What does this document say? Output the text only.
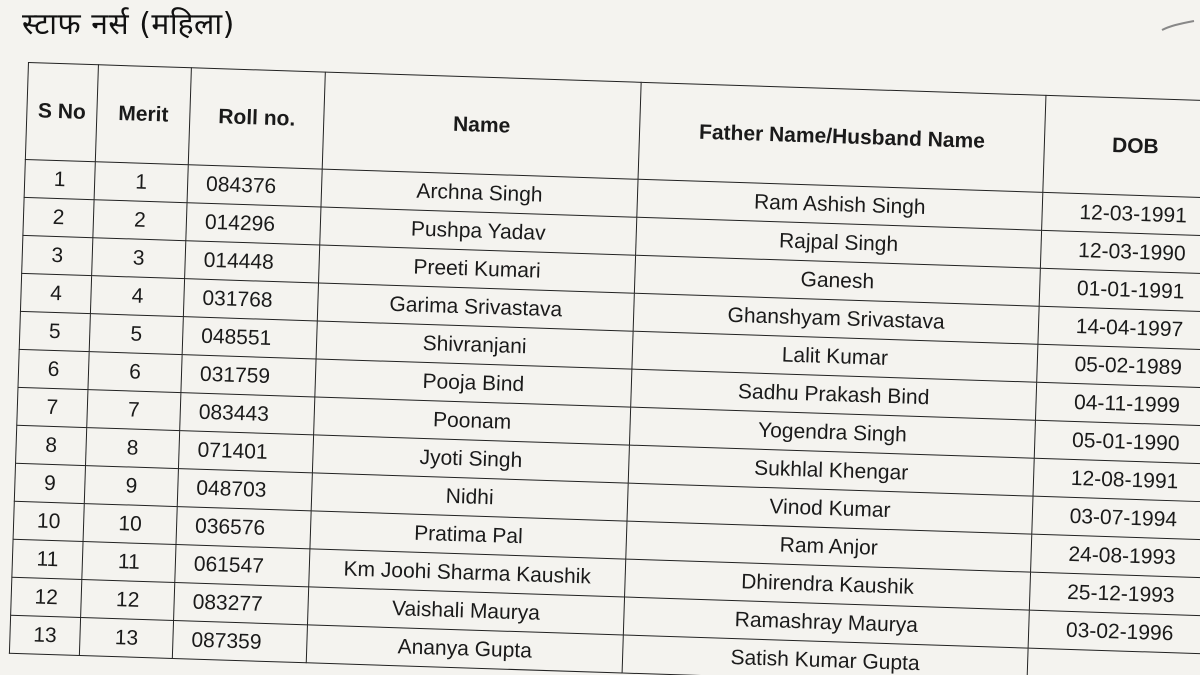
स्टाफ नर्स (महिला)
S No	Merit	Roll no.	Name	Father Name/Husband Name	DOB
1	1	084376	Archna Singh	Ram Ashish Singh	12-03-1991
2	2	014296	Pushpa Yadav	Rajpal Singh	12-03-1990
3	3	014448	Preeti Kumari	Ganesh	01-01-1991
4	4	031768	Garima Srivastava	Ghanshyam Srivastava	14-04-1997
5	5	048551	Shivranjani	Lalit Kumar	05-02-1989
6	6	031759	Pooja Bind	Sadhu Prakash Bind	04-11-1999
7	7	083443	Poonam	Yogendra Singh	05-01-1990
8	8	071401	Jyoti Singh	Sukhlal Khengar	12-08-1991
9	9	048703	Nidhi	Vinod Kumar	03-07-1994
10	10	036576	Pratima Pal	Ram Anjor	24-08-1993
11	11	061547	Km Joohi Sharma Kaushik	Dhirendra Kaushik	25-12-1993
12	12	083277	Vaishali Maurya	Ramashray Maurya	03-02-1996
13	13	087359	Ananya Gupta	Satish Kumar Gupta	
